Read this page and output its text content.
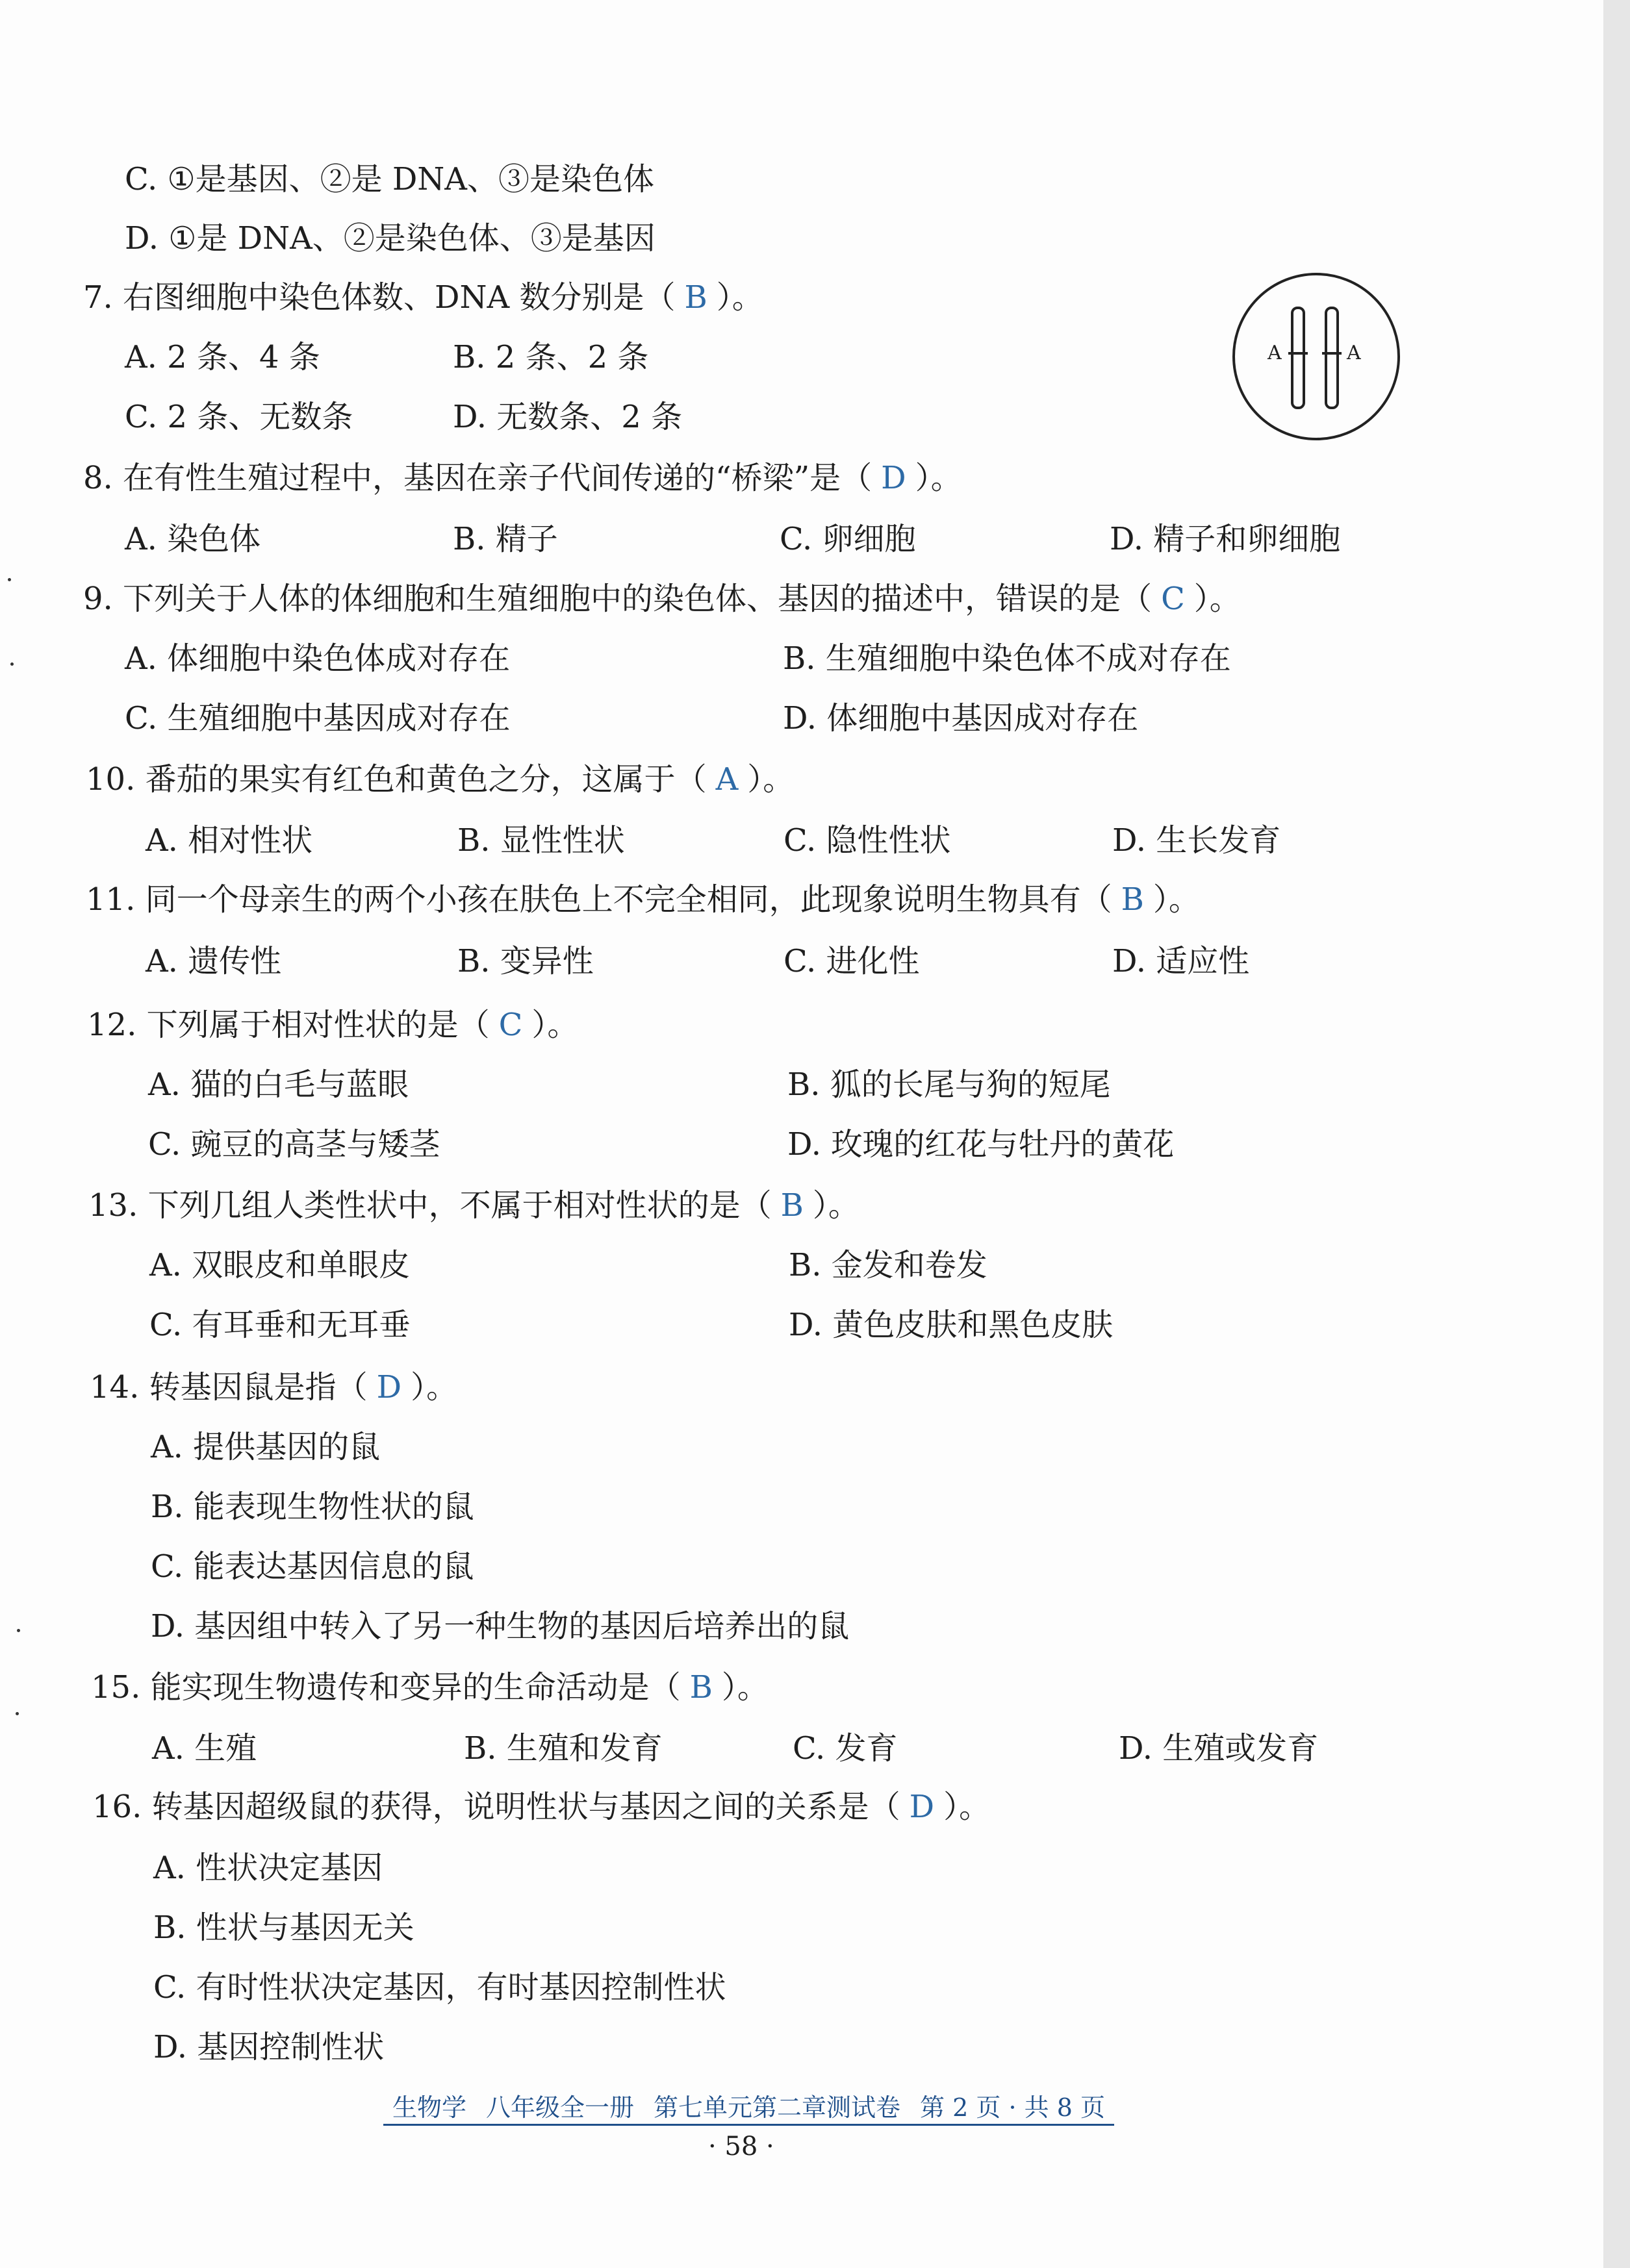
C. ①是基因、②是 DNA、③是染色体
D. ①是 DNA、②是染色体、③是基因
7. 右图细胞中染色体数、DNA 数分别是（ B ）。
A. 2 条、4 条	B. 2 条、2 条
C. 2 条、无数条	D. 无数条、2 条
A	A
8. 在有性生殖过程中，基因在亲子代间传递的“桥梁”是（ D ）。
A. 染色体	B. 精子	C. 卵细胞	D. 精子和卵细胞
9. 下列关于人体的体细胞和生殖细胞中的染色体、基因的描述中，错误的是（ C ）。
A. 体细胞中染色体成对存在	B. 生殖细胞中染色体不成对存在
C. 生殖细胞中基因成对存在	D. 体细胞中基因成对存在
10. 番茄的果实有红色和黄色之分，这属于（ A ）。
A. 相对性状	B. 显性性状	C. 隐性性状	D. 生长发育
11. 同一个母亲生的两个小孩在肤色上不完全相同，此现象说明生物具有（ B ）。
A. 遗传性	B. 变异性	C. 进化性	D. 适应性
12. 下列属于相对性状的是（ C ）。
A. 猫的白毛与蓝眼	B. 狐的长尾与狗的短尾
C. 豌豆的高茎与矮茎	D. 玫瑰的红花与牡丹的黄花
13. 下列几组人类性状中，不属于相对性状的是（ B ）。
A. 双眼皮和单眼皮	B. 金发和卷发
C. 有耳垂和无耳垂	D. 黄色皮肤和黑色皮肤
14. 转基因鼠是指（ D ）。
A. 提供基因的鼠
B. 能表现生物性状的鼠
C. 能表达基因信息的鼠
D. 基因组中转入了另一种生物的基因后培养出的鼠
15. 能实现生物遗传和变异的生命活动是（ B ）。
A. 生殖	B. 生殖和发育	C. 发育	D. 生殖或发育
16. 转基因超级鼠的获得，说明性状与基因之间的关系是（ D ）。
A. 性状决定基因
B. 性状与基因无关
C. 有时性状决定基因，有时基因控制性状
D. 基因控制性状
生物学 八年级全一册 第七单元第二章测试卷 第 2 页 · 共 8 页
· 58 ·
